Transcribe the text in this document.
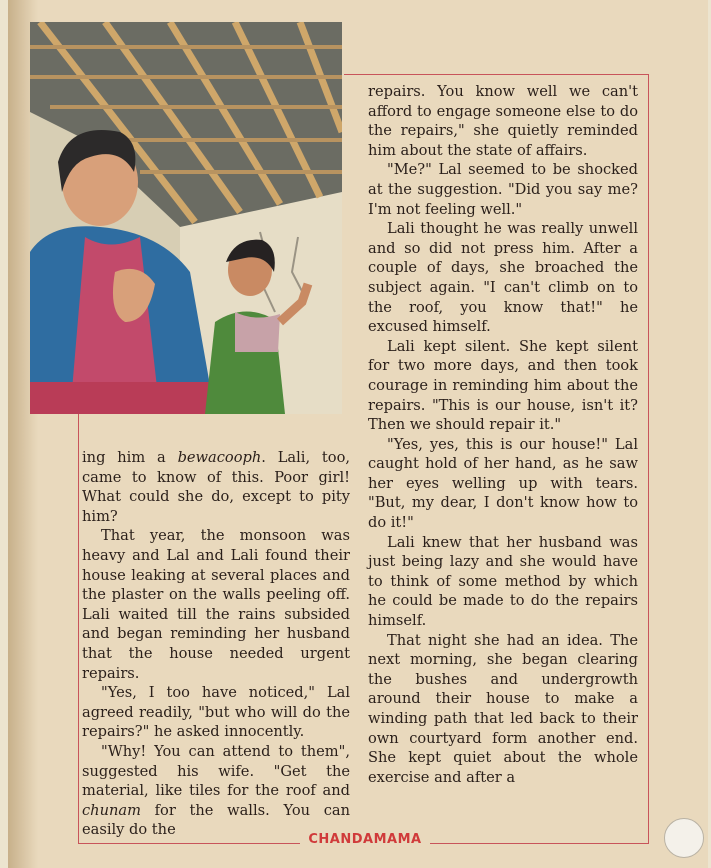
ing him a bewacooph. Lali, too, came to know of this. Poor girl! What could she do, except to pity him?

That year, the monsoon was heavy and Lal and Lali found their house leaking at several places and the plaster on the walls peeling off. Lali waited till the rains subsided and began reminding her husband that the house needed urgent repairs.

"Yes, I too have noticed," Lal agreed readily, "but who will do the repairs?" he asked innocently.

"Why! You can attend to them", suggested his wife. "Get the material, like tiles for the roof and chunam for the walls. You can easily do the

repairs. You know well we can't afford to engage someone else to do the repairs," she quietly reminded him about the state of affairs.

"Me?" Lal seemed to be shocked at the suggestion. "Did you say me? I'm not feeling well."

Lali thought he was really unwell and so did not press him. After a couple of days, she broached the subject again. "I can't climb on to the roof, you know that!" he excused himself.

Lali kept silent. She kept silent for two more days, and then took courage in reminding him about the repairs. "This is our house, isn't it? Then we should repair it."

"Yes, yes, this is our house!" Lal caught hold of her hand, as he saw her eyes welling up with tears. "But, my dear, I don't know how to do it!"

Lali knew that her husband was just being lazy and she would have to think of some method by which he could be made to do the repairs himself.

That night she had an idea. The next morning, she began clearing the bushes and undergrowth around their house to make a winding path that led back to their own courtyard form another end. She kept quiet about the whole exercise and after a

CHANDAMAMA
